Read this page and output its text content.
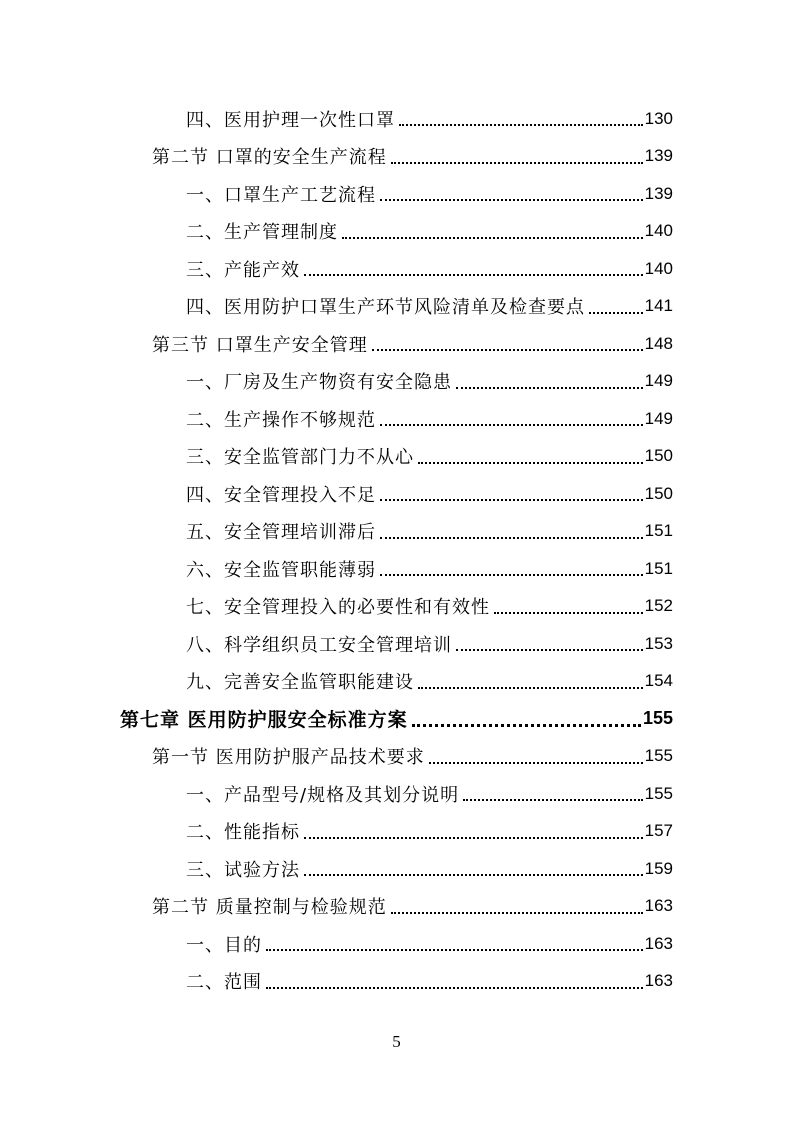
四、医用护理一次性口罩	130
第二节 口罩的安全生产流程	139
一、口罩生产工艺流程	139
二、生产管理制度	140
三、产能产效	140
四、医用防护口罩生产环节风险清单及检查要点	141
第三节 口罩生产安全管理	148
一、厂房及生产物资有安全隐患	149
二、生产操作不够规范	149
三、安全监管部门力不从心	150
四、安全管理投入不足	150
五、安全管理培训滞后	151
六、安全监管职能薄弱	151
七、安全管理投入的必要性和有效性	152
八、科学组织员工安全管理培训	153
九、完善安全监管职能建设	154
第七章 医用防护服安全标准方案	155
第一节 医用防护服产品技术要求	155
一、产品型号/规格及其划分说明	155
二、性能指标	157
三、试验方法	159
第二节 质量控制与检验规范	163
一、目的	163
二、范围	163
5
